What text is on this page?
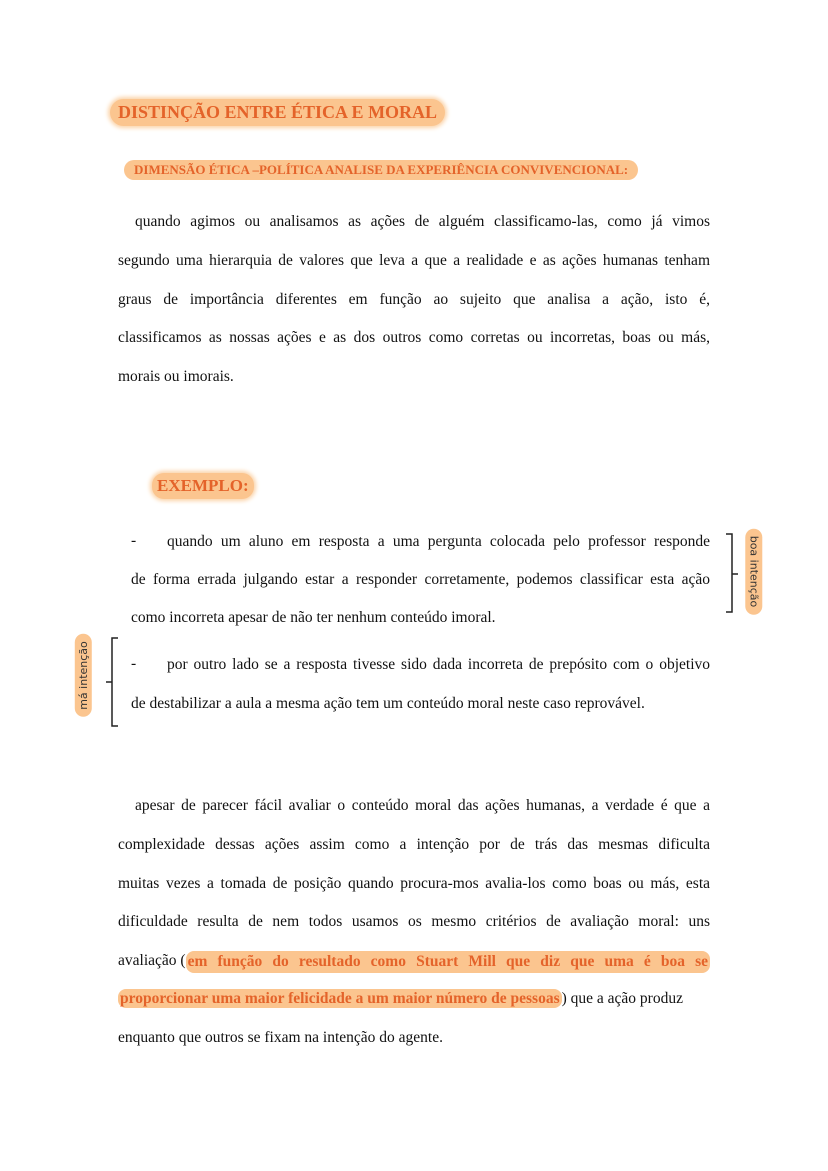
DISTINÇÃO ENTRE ÉTICA E MORAL
DIMENSÃO ÉTICA –POLÍTICA ANALISE DA EXPERIÊNCIA CONVIVENCIONAL:
quando agimos ou analisamos as ações de alguém classificamo-las, como já vimos
segundo uma hierarquia de valores que leva a que a realidade e as ações humanas tenham
graus de importância diferentes em função ao sujeito que analisa a ação, isto é,
classificamos as nossas ações e as dos outros como corretas ou incorretas, boas ou más,
morais ou imorais.
EXEMPLO:
- quando um aluno em resposta a uma pergunta colocada pelo professor responde
de forma errada julgando estar a responder corretamente, podemos classificar esta ação
como incorreta apesar de não ter nenhum conteúdo imoral.
- por outro lado se a resposta tivesse sido dada incorreta de prepósito com o objetivo
de destabilizar a aula a mesma ação tem um conteúdo moral neste caso reprovável.
boa intenção
má intenção
apesar de parecer fácil avaliar o conteúdo moral das ações humanas, a verdade é que a
complexidade dessas ações assim como a intenção por de trás das mesmas dificulta
muitas vezes a tomada de posição quando procura-mos avalia-los como boas ou más, esta
dificuldade resulta de nem todos usamos os mesmo critérios de avaliação moral: uns
avaliação ( em função do resultado como Stuart Mill que diz que uma é boa se
proporcionar uma maior felicidade a um maior número de pessoas ) que a ação produz
enquanto que outros se fixam na intenção do agente.
